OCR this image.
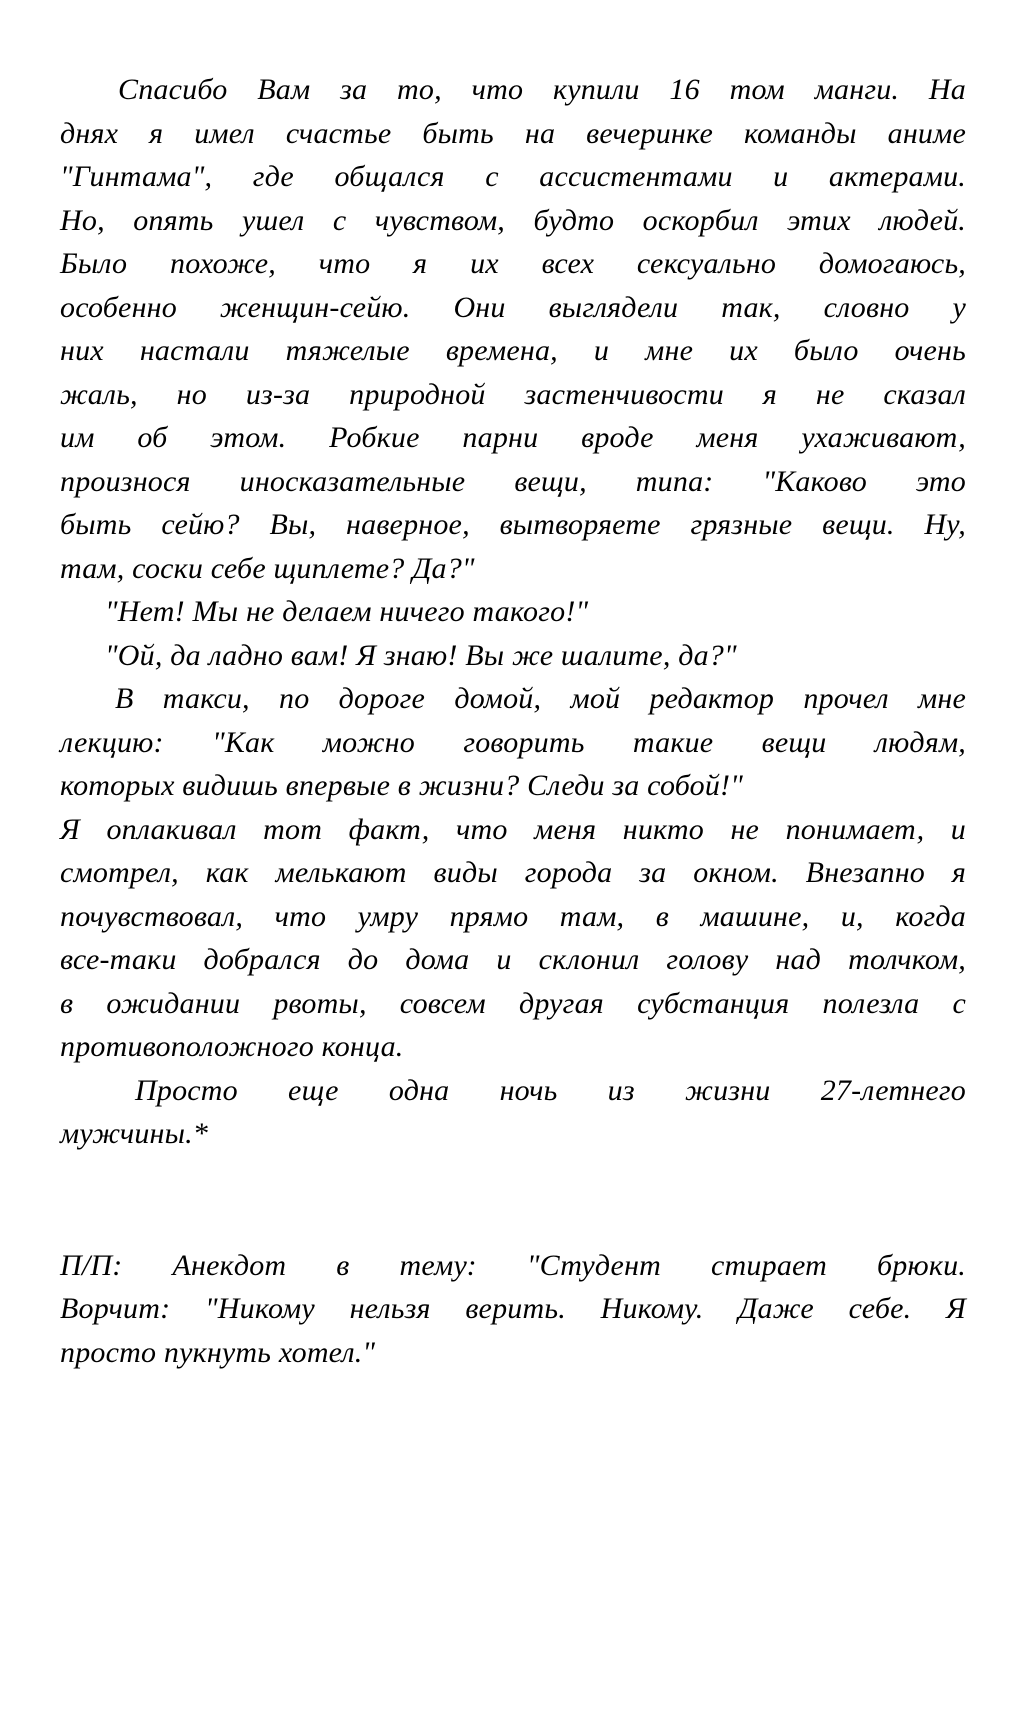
Спасибо Вам за то, что купили 16 том манги. На
днях я имел счастье быть на вечеринке команды аниме
"Гинтама", где общался с ассистентами и актерами.
Но, опять ушел с чувством, будто оскорбил этих людей.
Было похоже, что я их всех сексуально домогаюсь,
особенно женщин-сейю. Они выглядели так, словно у
них настали тяжелые времена, и мне их было очень
жаль, но из-за природной застенчивости я не сказал
им об этом. Робкие парни вроде меня ухаживают,
произнося иносказательные вещи, типа: "Каково это
быть сейю? Вы, наверное, вытворяете грязные вещи. Ну,
там, соски себе щиплете? Да?"
"Нет! Мы не делаем ничего такого!"
"Ой, да ладно вам! Я знаю! Вы же шалите, да?"
В такси, по дороге домой, мой редактор прочел мне
лекцию: "Как можно говорить такие вещи людям,
которых видишь впервые в жизни? Следи за собой!"
Я оплакивал тот факт, что меня никто не понимает, и
смотрел, как мелькают виды города за окном. Внезапно я
почувствовал, что умру прямо там, в машине, и, когда
все-таки добрался до дома и склонил голову над толчком,
в ожидании рвоты, совсем другая субстанция полезла с
противоположного конца.
Просто еще одна ночь из жизни 27-летнего
мужчины.*
П/П: Анекдот в тему: "Студент стирает брюки.
Ворчит: "Никому нельзя верить. Никому. Даже себе. Я
просто пукнуть хотел."
